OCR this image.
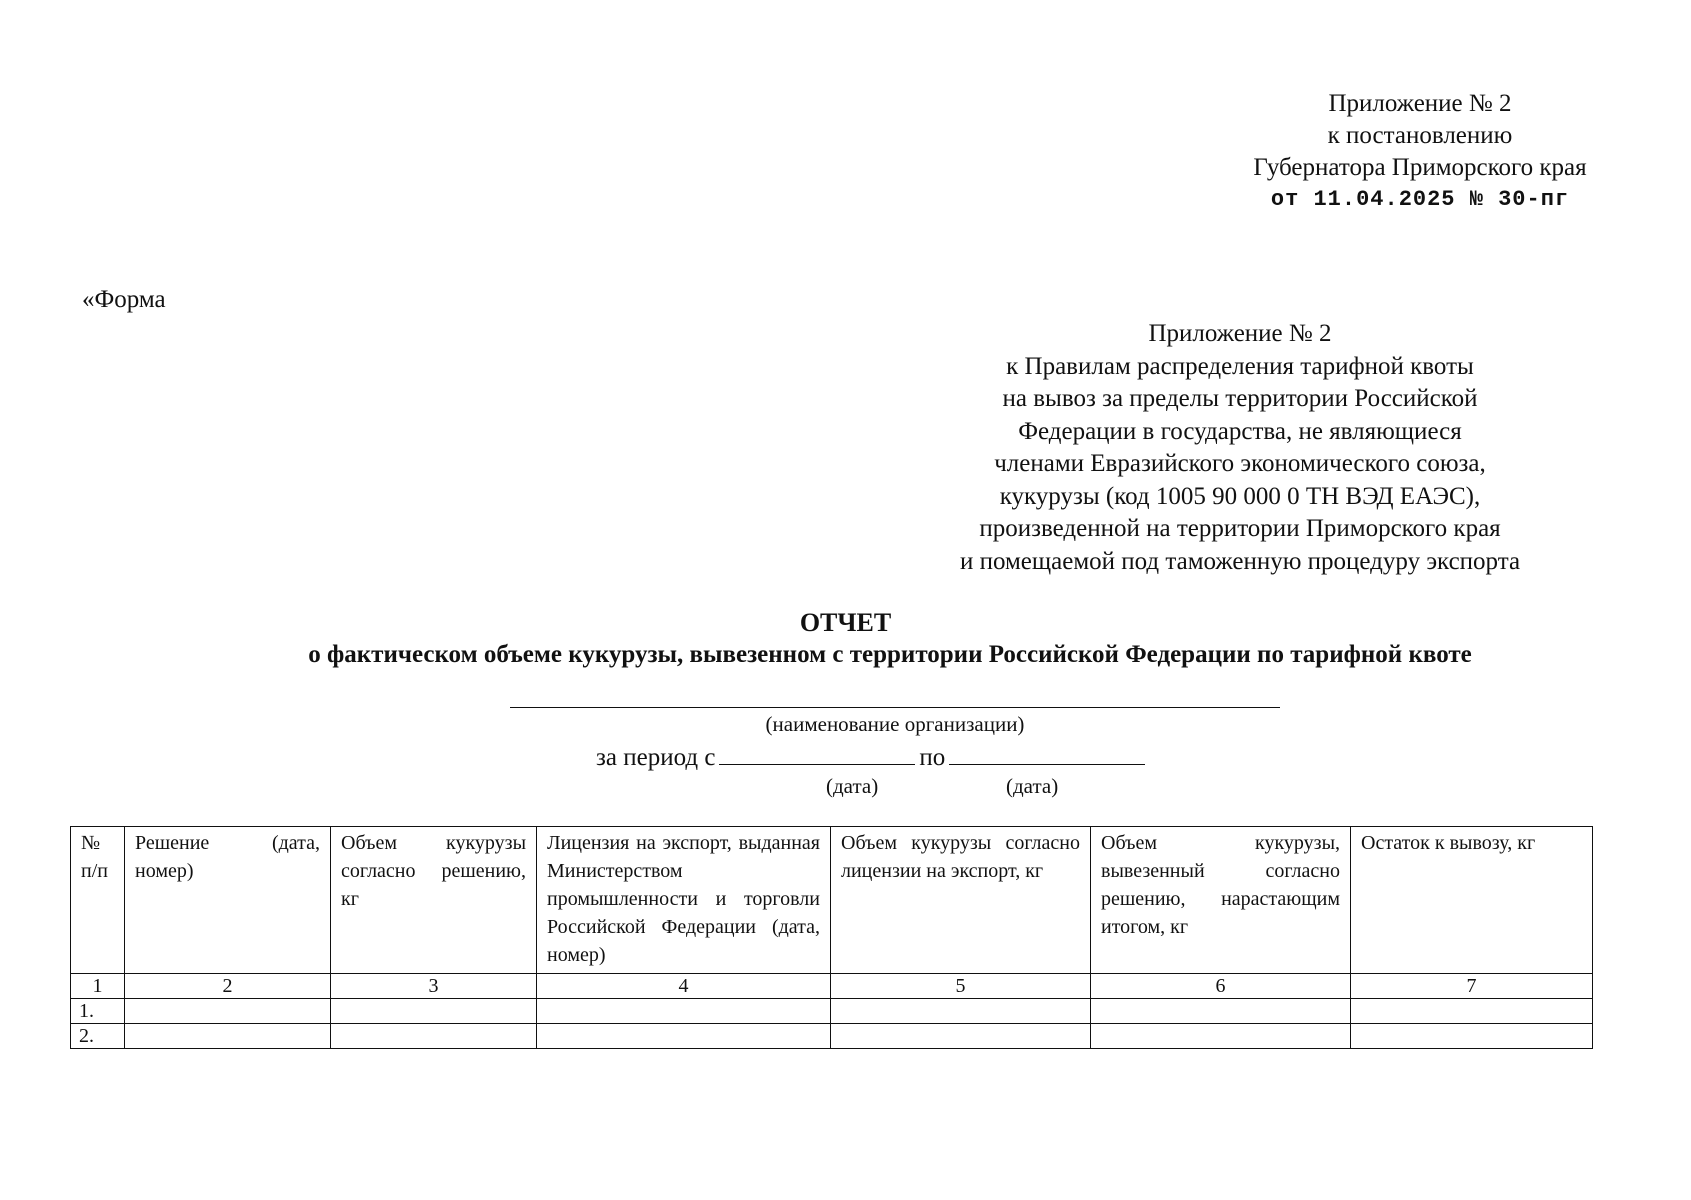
Приложение № 2
к постановлению
Губернатора Приморского края
от 11.04.2025 № 30-пг
«Форма
Приложение № 2
к Правилам распределения тарифной квоты
на вывоз за пределы территории Российской
Федерации в государства, не являющиеся
членами Евразийского экономического союза,
кукурузы (код 1005 90 000 0 ТН ВЭД ЕАЭС),
произведенной на территории Приморского края
и помещаемой под таможенную процедуру экспорта
ОТЧЕТ
о фактическом объеме кукурузы, вывезенном с территории Российской Федерации по тарифной квоте
(наименование организации)
за период с	по
(дата)	(дата)
№ п/п	Решение (дата, номер)	Объем кукурузы согласно решению, кг	Лицензия на экспорт, выданная Министерством промышленности и торговли Российской Федерации (дата, номер)	Объем кукурузы согласно лицензии на экспорт, кг	Объем кукурузы, вывезенный согласно решению, нарастающим итогом, кг	Остаток к вывозу, кг
1	2	3	4	5	6	7
1.						
2.						
